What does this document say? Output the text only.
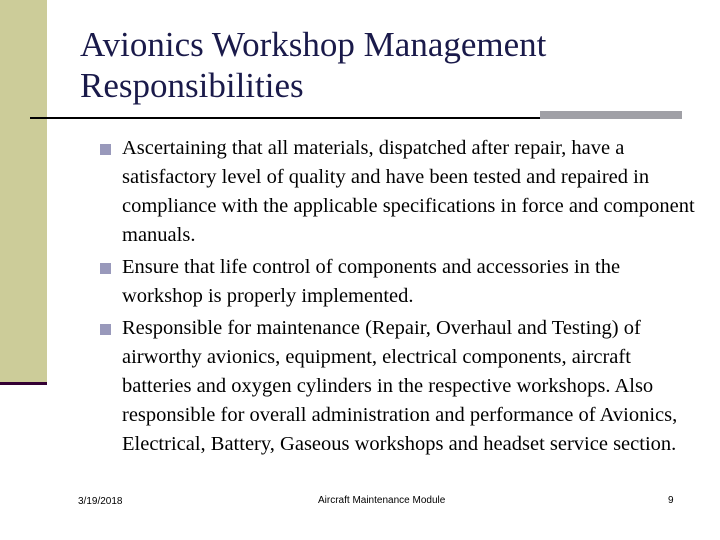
Avionics Workshop Management Responsibilities
Ascertaining that all materials, dispatched after repair, have a satisfactory level of quality and have been tested and repaired in compliance with the applicable specifications in force and component manuals.
Ensure that life control of components and accessories in the workshop is properly implemented.
Responsible for maintenance (Repair, Overhaul and Testing) of airworthy avionics, equipment, electrical components, aircraft batteries and oxygen cylinders in the respective workshops. Also responsible for overall administration and performance of Avionics, Electrical, Battery, Gaseous workshops and headset service section.
3/19/2018	Aircraft Maintenance Module	9
